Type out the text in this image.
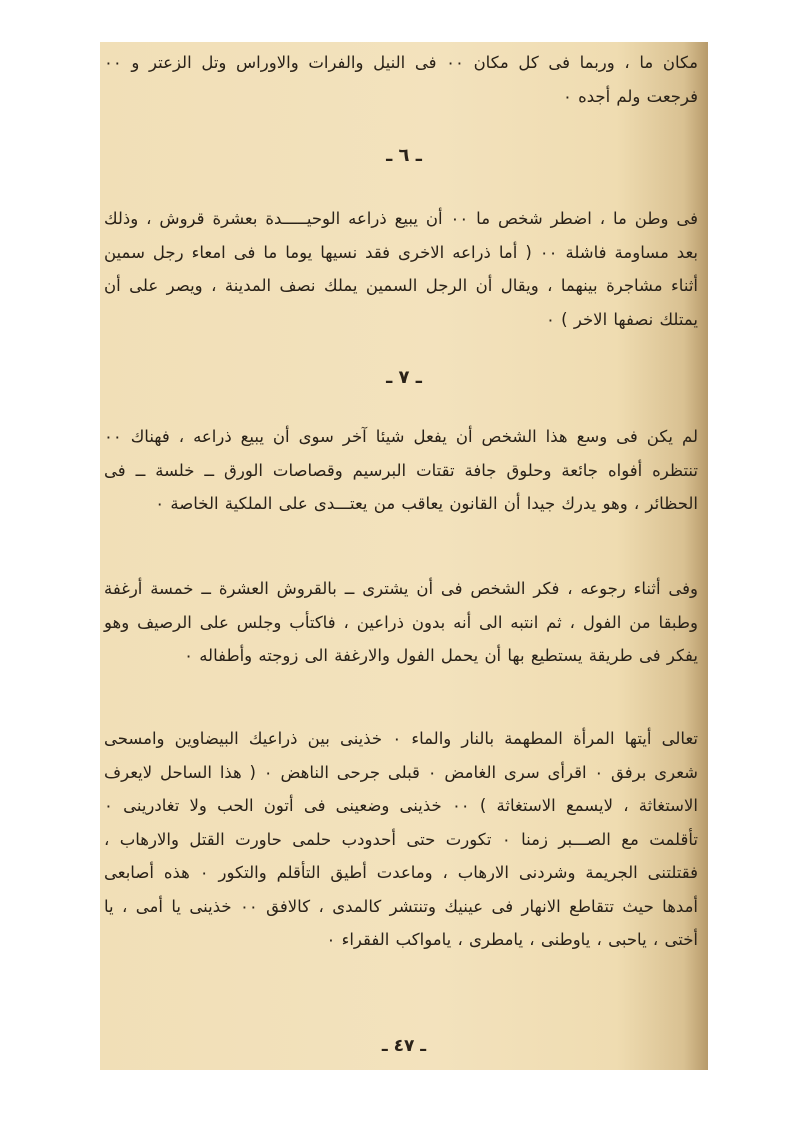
مكان ما ، وربما فى كل مكان ٠٠ فى النيل والفرات والاوراس وتل الزعتر و ٠٠ فرجعت ولم أجده ٠

ـ ٦ ـ

فى وطن ما ، اضطر شخص ما ٠٠ أن يبيع ذراعه الوحيـــــدة بعشرة قروش ، وذلك بعد مساومة فاشلة ٠٠ ( أما ذراعه الاخرى فقد نسيها يوما ما فى امعاء رجل سمين أثناء مشاجرة بينهما ، ويقال أن الرجل السمين يملك نصف المدينة ، ويصر على أن يمتلك نصفها الاخر ) ٠

ـ ٧ ـ

لم يكن فى وسع هذا الشخص أن يفعل شيئا آخر سوى أن يبيع ذراعه ، فهناك ٠٠ تنتظره أفواه جائعة وحلوق جافة تقتات البرسيم وقصاصات الورق ــ خلسة ــ فى الحظائر ، وهو يدرك جيدا أن القانون يعاقب من يعتـــدى على الملكية الخاصة ٠

وفى أثناء رجوعه ، فكر الشخص فى أن يشترى ــ بالقروش العشرة ــ خمسة أرغفة وطبقا من الفول ، ثم انتبه الى أنه بدون ذراعين ، فاكتأب وجلس على الرصيف وهو يفكر فى طريقة يستطيع بها أن يحمل الفول والارغفة الى زوجته وأطفاله ٠

تعالى أيتها المرأة المطهمة بالنار والماء ٠ خذينى بين ذراعيك البيضاوين وامسحى شعرى برفق ٠ اقرأى سرى الغامض ٠ قبلى جرحى الناهض ٠ ( هذا الساحل لايعرف الاستغاثة ، لايسمع الاستغاثة ) ٠٠ خذينى وضعينى فى أتون الحب ولا تغادرينى ٠ تأقلمت مع الصـــبر زمنا ٠ تكورت حتى أحدودب حلمى حاورت القتل والارهاب ، فقتلتنى الجريمة وشردنى الارهاب ، وماعدت أطيق التأقلم والتكور ٠ هذه أصابعى أمدها حيث تتقاطع الانهار فى عينيك وتنتشر كالمدى ، كالافق ٠٠ خذينى يا أمى ، يا أختى ، ياحبى ، ياوطنى ، يامطرى ، يامواكب الفقراء ٠

ـ ٤٧ ـ
